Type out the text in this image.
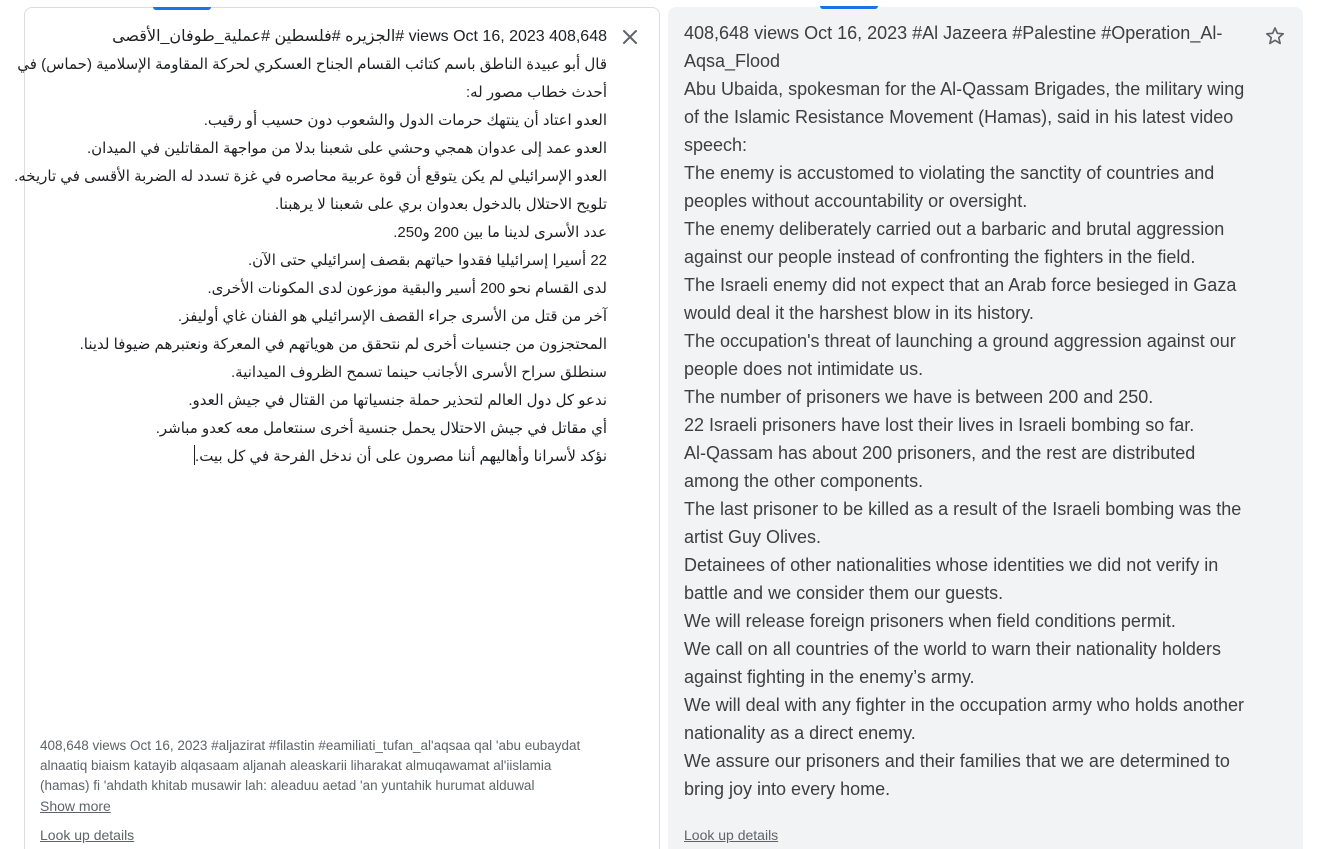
408,648 views Oct 16, 2023 #الجزيره #فلسطين #عملية_طوفان_الأقصى
قال أبو عبيدة الناطق باسم كتائب القسام الجناح العسكري لحركة المقاومة الإسلامية (حماس) في
أحدث خطاب مصور له:
العدو اعتاد أن ينتهك حرمات الدول والشعوب دون حسيب أو رقيب.
العدو عمد إلى عدوان همجي وحشي على شعبنا بدلا من مواجهة المقاتلين في الميدان.
العدو الإسرائيلي لم يكن يتوقع أن قوة عربية محاصره في غزة تسدد له الضربة الأقسى في تاريخه.
تلويح الاحتلال بالدخول بعدوان بري على شعبنا لا يرهبنا.
عدد الأسرى لدينا ما بين 200 و250.
22 أسيرا إسرائيليا فقدوا حياتهم بقصف إسرائيلي حتى الآن.
لدى القسام نحو 200 أسير والبقية موزعون لدى المكونات الأخرى.
آخر من قتل من الأسرى جراء القصف الإسرائيلي هو الفنان غاي أوليفز.
المحتجزون من جنسيات أخرى لم نتحقق من هوياتهم في المعركة ونعتبرهم ضيوفا لدينا.
سنطلق سراح الأسرى الأجانب حينما تسمح الظروف الميدانية.
ندعو كل دول العالم لتحذير حملة جنسياتها من القتال في جيش العدو.
أي مقاتل في جيش الاحتلال يحمل جنسية أخرى سنتعامل معه كعدو مباشر.
نؤكد لأسرانا وأهاليهم أننا مصرون على أن ندخل الفرحة في كل بيت.

408,648 views Oct 16, 2023 #aljazirat #filastin #eamiliati_tufan_al'aqsaa qal 'abu eubaydat

alnaatiq biaism katayib alqasaam aljanah aleaskarii liharakat almuqawamat al'iislamia

(hamas) fi 'ahdath khitab musawir lah: aleaduu aetad 'an yuntahik hurumat alduwal

Show more
Look up details
408,648 views Oct 16, 2023 #Al Jazeera #Palestine #Operation_Al-
Aqsa_Flood
Abu Ubaida, spokesman for the Al-Qassam Brigades, the military wing
of the Islamic Resistance Movement (Hamas), said in his latest video
speech:
The enemy is accustomed to violating the sanctity of countries and
peoples without accountability or oversight.
The enemy deliberately carried out a barbaric and brutal aggression
against our people instead of confronting the fighters in the field.
The Israeli enemy did not expect that an Arab force besieged in Gaza
would deal it the harshest blow in its history.
The occupation's threat of launching a ground aggression against our
people does not intimidate us.
The number of prisoners we have is between 200 and 250.
22 Israeli prisoners have lost their lives in Israeli bombing so far.
Al-Qassam has about 200 prisoners, and the rest are distributed
among the other components.
The last prisoner to be killed as a result of the Israeli bombing was the
artist Guy Olives.
Detainees of other nationalities whose identities we did not verify in
battle and we consider them our guests.
We will release foreign prisoners when field conditions permit.
We call on all countries of the world to warn their nationality holders
against fighting in the enemy’s army.
We will deal with any fighter in the occupation army who holds another
nationality as a direct enemy.
We assure our prisoners and their families that we are determined to
bring joy into every home.
Look up details
